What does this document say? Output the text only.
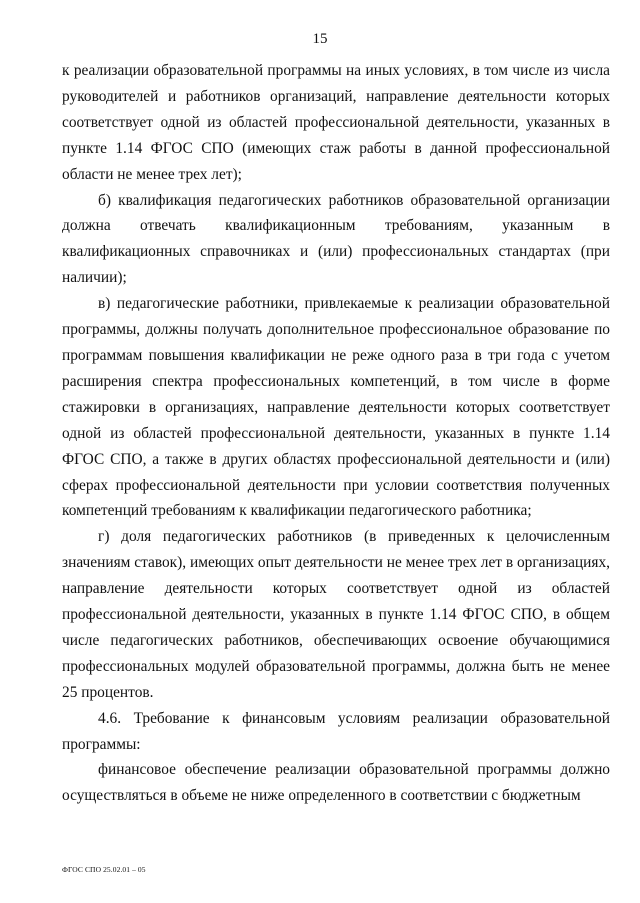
15

к реализации образовательной программы на иных условиях, в том числе из числа руководителей и работников организаций, направление деятельности которых соответствует одной из областей профессиональной деятельности, указанных в пункте 1.14 ФГОС СПО (имеющих стаж работы в данной профессиональной области не менее трех лет);

б) квалификация педагогических работников образовательной организации должна отвечать квалификационным требованиям, указанным в квалификационных справочниках и (или) профессиональных стандартах (при наличии);

в) педагогические работники, привлекаемые к реализации образовательной программы, должны получать дополнительное профессиональное образование по программам повышения квалификации не реже одного раза в три года с учетом расширения спектра профессиональных компетенций, в том числе в форме стажировки в организациях, направление деятельности которых соответствует одной из областей профессиональной деятельности, указанных в пункте 1.14 ФГОС СПО, а также в других областях профессиональной деятельности и (или) сферах профессиональной деятельности при условии соответствия полученных компетенций требованиям к квалификации педагогического работника;

г) доля педагогических работников (в приведенных к целочисленным значениям ставок), имеющих опыт деятельности не менее трех лет в организациях, направление деятельности которых соответствует одной из областей профессиональной деятельности, указанных в пункте 1.14 ФГОС СПО, в общем числе педагогических работников, обеспечивающих освоение обучающимися профессиональных модулей образовательной программы, должна быть не менее 25 процентов.

4.6. Требование к финансовым условиям реализации образовательной программы:

финансовое обеспечение реализации образовательной программы должно осуществляться в объеме не ниже определенного в соответствии с бюджетным

ФГОС СПО 25.02.01 – 05
